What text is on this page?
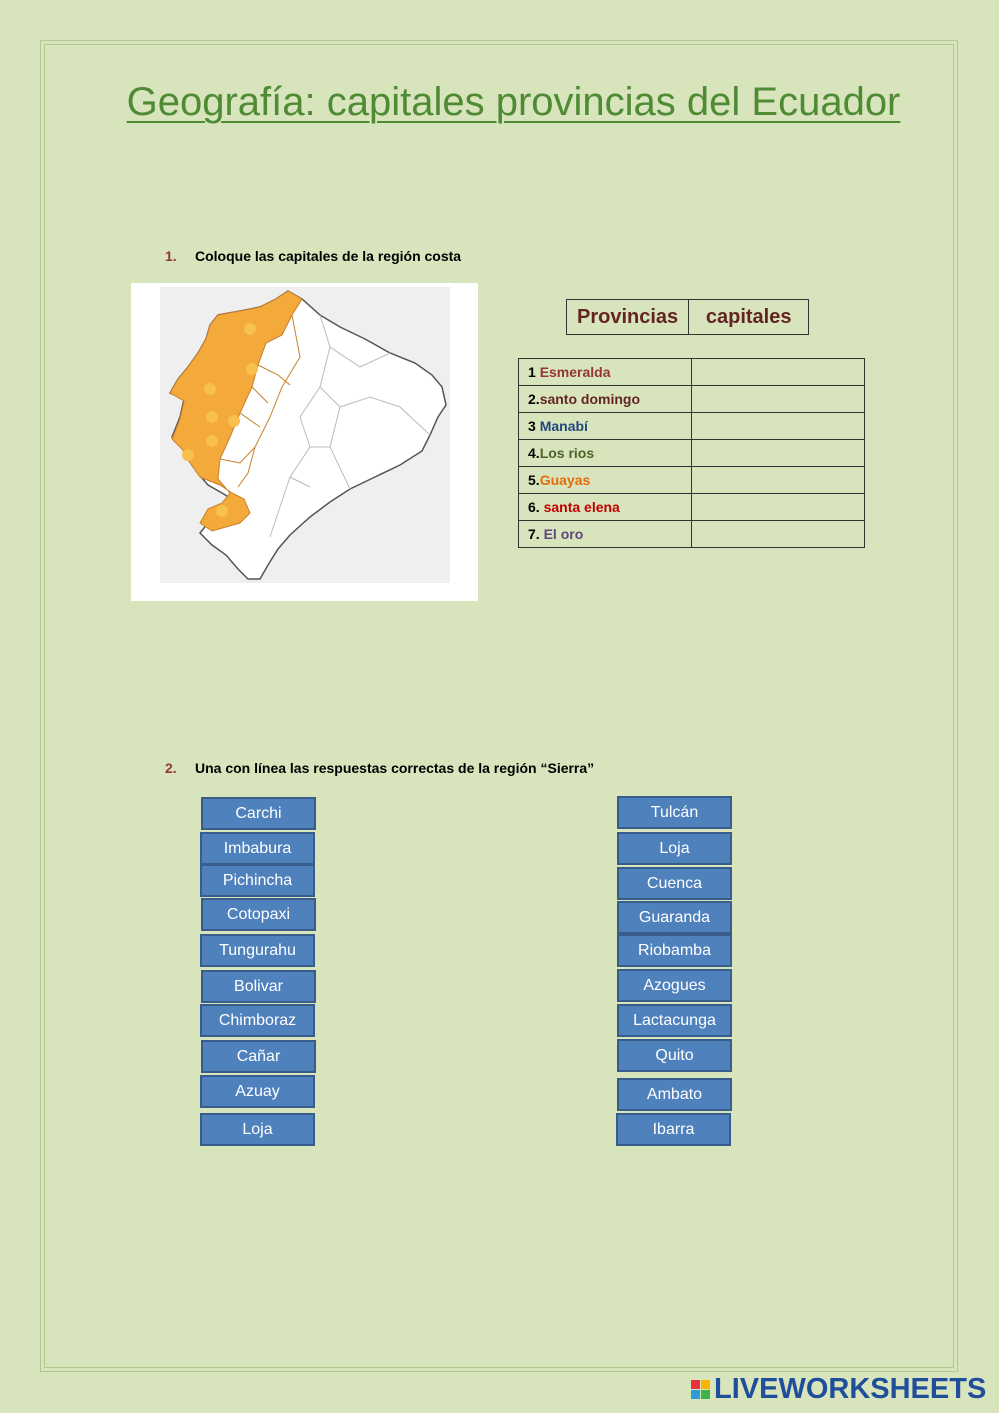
Geografía: capitales provincias del Ecuador
1. Coloque las capitales de la región costa
Provincias	capitales
1 Esmeralda	
2.santo domingo	
3 Manabí	
4.Los rios	
5.Guayas	
6. santa elena	
7. El oro	
2. Una con línea las respuestas correctas de la región “Sierra”
Carchi
Imbabura
Pichincha
Cotopaxi
Tungurahu
Bolivar
Chimboraz
Cañar
Azuay
Loja
Tulcán
Loja
Cuenca
Guaranda
Riobamba
Azogues
Lactacunga
Quito
Ambato
Ibarra
LIVEWORKSHEETS
